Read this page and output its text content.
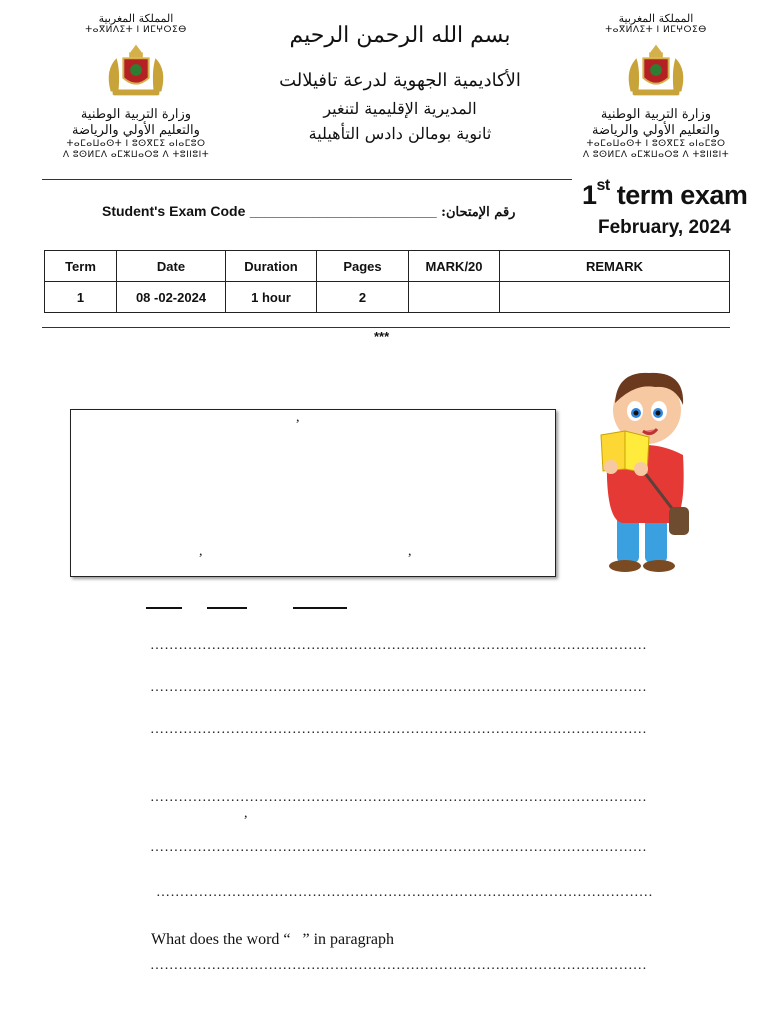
المملكة المغربية
ⵜⴰⴳⵍⴷⵉⵜ ⵏ ⵍⵎⵖⵔⵉⴱ
وزارة التربية الوطنية
والتعليم الأولي والرياضة
ⵜⴰⵎⴰⵡⴰⵙⵜ ⵏ ⵓⵙⴳⵎⵉ ⴰⵏⴰⵎⵓⵔ
ⴷ ⵓⵙⵍⵎⴷ ⴰⵎⵣⵡⴰⵔⵓ ⴷ ⵜⵓⵏⵏⵓⵏⵜ
المملكة المغربية
ⵜⴰⴳⵍⴷⵉⵜ ⵏ ⵍⵎⵖⵔⵉⴱ
وزارة التربية الوطنية
والتعليم الأولي والرياضة
ⵜⴰⵎⴰⵡⴰⵙⵜ ⵏ ⵓⵙⴳⵎⵉ ⴰⵏⴰⵎⵓⵔ
ⴷ ⵓⵙⵍⵎⴷ ⴰⵎⵣⵡⴰⵔⵓ ⴷ ⵜⵓⵏⵏⵓⵏⵜ
بسم الله الرحمن الرحيم
الأكاديمية الجهوية لدرعة تافيلالت
المديرية الإقليمية لتنغير
ثانوية بومالن دادس التأهيلية
Student's Exam Code ________________________ :رقم الإمتحان
1st term exam
February, 2024
Term	Date	Duration	Pages	MARK/20	REMARK
1	08 -02-2024	1 hour	2		
***
,
,	,
……………………………………………………………………………………………
……………………………………………………………………………………………
……………………………………………………………………………………………
……………………………………………………………………………………………
,
……………………………………………………………………………………………
……………………………………………………………………………………………
What does the word “   ” in paragraph
……………………………………………………………………………………………
